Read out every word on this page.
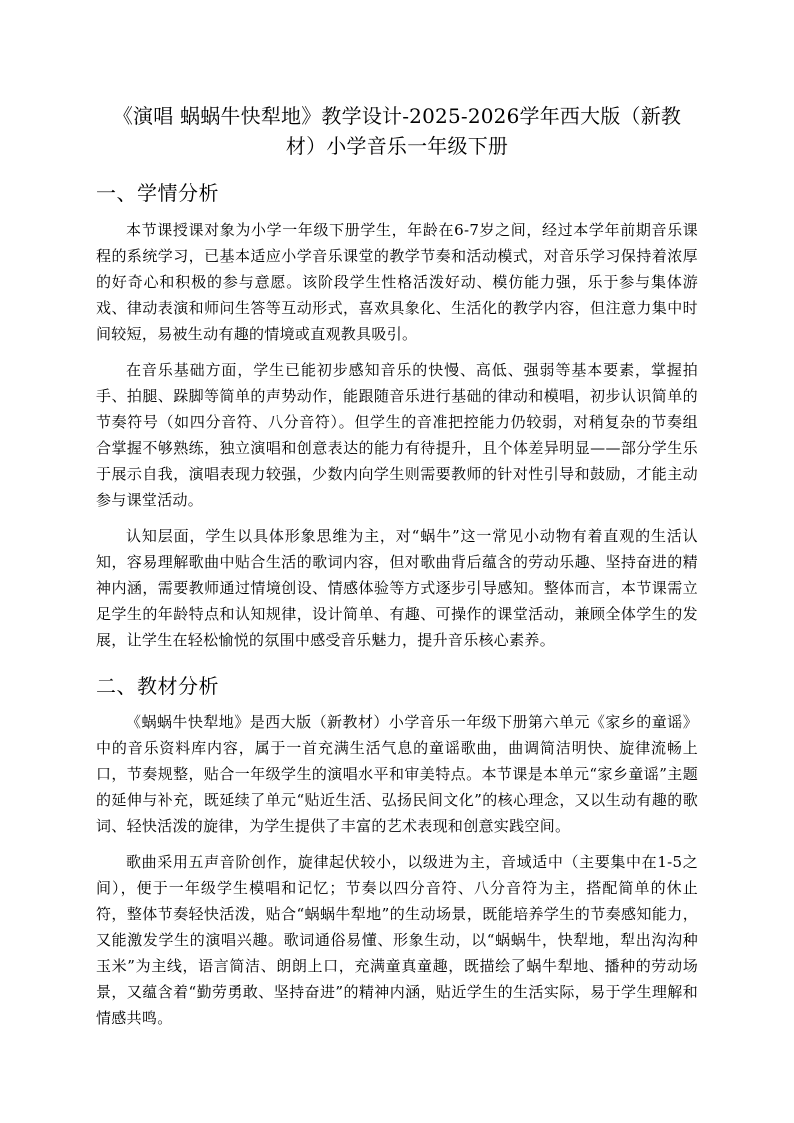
《演唱 蜗蜗牛快犁地》教学设计-2025-2026学年西大版（新教材）小学音乐一年级下册
一、学情分析

本节课授课对象为小学一年级下册学生，年龄在6-7岁之间，经过本学年前期音乐课程的系统学习，已基本适应小学音乐课堂的教学节奏和活动模式，对音乐学习保持着浓厚的好奇心和积极的参与意愿。该阶段学生性格活泼好动、模仿能力强，乐于参与集体游戏、律动表演和师问生答等互动形式，喜欢具象化、生活化的教学内容，但注意力集中时间较短，易被生动有趣的情境或直观教具吸引。

在音乐基础方面，学生已能初步感知音乐的快慢、高低、强弱等基本要素，掌握拍手、拍腿、跺脚等简单的声势动作，能跟随音乐进行基础的律动和模唱，初步认识简单的节奏符号（如四分音符、八分音符）。但学生的音准把控能力仍较弱，对稍复杂的节奏组合掌握不够熟练，独立演唱和创意表达的能力有待提升，且个体差异明显——部分学生乐于展示自我，演唱表现力较强，少数内向学生则需要教师的针对性引导和鼓励，才能主动参与课堂活动。

认知层面，学生以具体形象思维为主，对“蜗牛”这一常见小动物有着直观的生活认知，容易理解歌曲中贴合生活的歌词内容，但对歌曲背后蕴含的劳动乐趣、坚持奋进的精神内涵，需要教师通过情境创设、情感体验等方式逐步引导感知。整体而言，本节课需立足学生的年龄特点和认知规律，设计简单、有趣、可操作的课堂活动，兼顾全体学生的发展，让学生在轻松愉悦的氛围中感受音乐魅力，提升音乐核心素养。

二、教材分析

《蜗蜗牛快犁地》是西大版（新教材）小学音乐一年级下册第六单元《家乡的童谣》中的音乐资料库内容，属于一首充满生活气息的童谣歌曲，曲调简洁明快、旋律流畅上口，节奏规整，贴合一年级学生的演唱水平和审美特点。本节课是本单元“家乡童谣”主题的延伸与补充，既延续了单元“贴近生活、弘扬民间文化”的核心理念，又以生动有趣的歌词、轻快活泼的旋律，为学生提供了丰富的艺术表现和创意实践空间。

歌曲采用五声音阶创作，旋律起伏较小，以级进为主，音域适中（主要集中在1-5之间），便于一年级学生模唱和记忆；节奏以四分音符、八分音符为主，搭配简单的休止符，整体节奏轻快活泼，贴合“蜗蜗牛犁地”的生动场景，既能培养学生的节奏感知能力，又能激发学生的演唱兴趣。歌词通俗易懂、形象生动，以“蜗蜗牛，快犁地，犁出沟沟种玉米”为主线，语言简洁、朗朗上口，充满童真童趣，既描绘了蜗牛犁地、播种的劳动场景，又蕴含着“勤劳勇敢、坚持奋进”的精神内涵，贴近学生的生活实际，易于学生理解和情感共鸣。
